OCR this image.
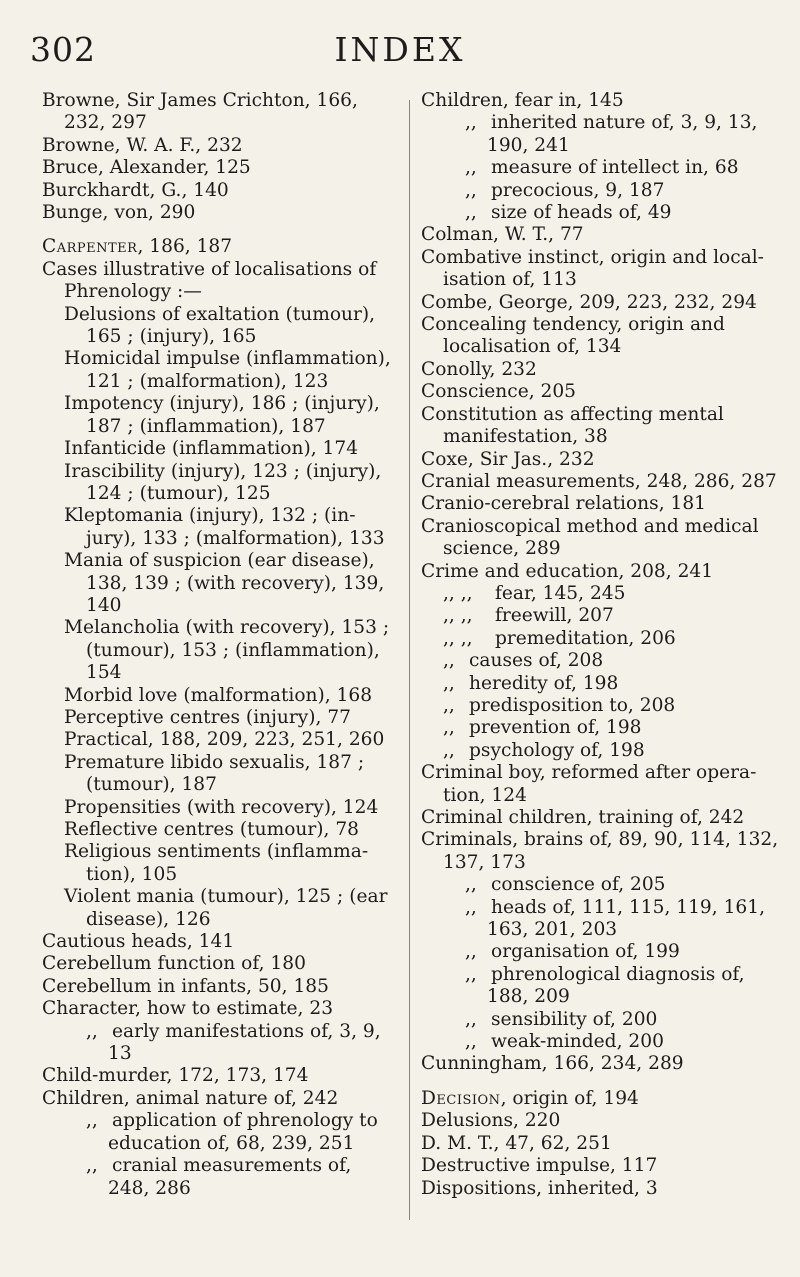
302	INDEX
Browne, Sir James Crichton, 166, 232, 297
Browne, W. A. F., 232
Bruce, Alexander, 125
Burckhardt, G., 140
Bunge, von, 290
Carpenter, 186, 187
Cases illustrative of localisations of Phrenology :—
Delusions of exaltation (tumour), 165 ; (injury), 165
Homicidal impulse (inflammation), 121 ; (malformation), 123
Impotency (injury), 186 ; (injury), 187 ; (inflammation), 187
Infanticide (inflammation), 174
Irascibility (injury), 123 ; (injury), 124 ; (tumour), 125
Kleptomania (injury), 132 ; (injury), 133 ; (malformation), 133
Mania of suspicion (ear disease), 138, 139 ; (with recovery), 139, 140
Melancholia (with recovery), 153 ; (tumour), 153 ; (inflammation), 154
Morbid love (malformation), 168
Perceptive centres (injury), 77
Practical, 188, 209, 223, 251, 260
Premature libido sexualis, 187 ; (tumour), 187
Propensities (with recovery), 124
Reflective centres (tumour), 78
Religious sentiments (inflammation), 105
Violent mania (tumour), 125 ; (ear disease), 126
Cautious heads, 141
Cerebellum function of, 180
Cerebellum in infants, 50, 185
Character, how to estimate, 23
,, early manifestations of, 3, 9, 13
Child-murder, 172, 173, 174
Children, animal nature of, 242
,, application of phrenology to education of, 68, 239, 251
,, cranial measurements of, 248, 286
Children, fear in, 145
,, inherited nature of, 3, 9, 13, 190, 241
,, measure of intellect in, 68
,, precocious, 9, 187
,, size of heads of, 49
Colman, W. T., 77
Combative instinct, origin and localisation of, 113
Combe, George, 209, 223, 232, 294
Concealing tendency, origin and localisation of, 134
Conolly, 232
Conscience, 205
Constitution as affecting mental manifestation, 38
Coxe, Sir Jas., 232
Cranial measurements, 248, 286, 287
Cranio-cerebral relations, 181
Cranioscopical method and medical science, 289
Crime and education, 208, 241
,, ,, fear, 145, 245
,, ,, freewill, 207
,, ,, premeditation, 206
,, causes of, 208
,, heredity of, 198
,, predisposition to, 208
,, prevention of, 198
,, psychology of, 198
Criminal boy, reformed after operation, 124
Criminal children, training of, 242
Criminals, brains of, 89, 90, 114, 132, 137, 173
,, conscience of, 205
,, heads of, 111, 115, 119, 161, 163, 201, 203
,, organisation of, 199
,, phrenological diagnosis of, 188, 209
,, sensibility of, 200
,, weak-minded, 200
Cunningham, 166, 234, 289
Decision, origin of, 194
Delusions, 220
D. M. T., 47, 62, 251
Destructive impulse, 117
Dispositions, inherited, 3
